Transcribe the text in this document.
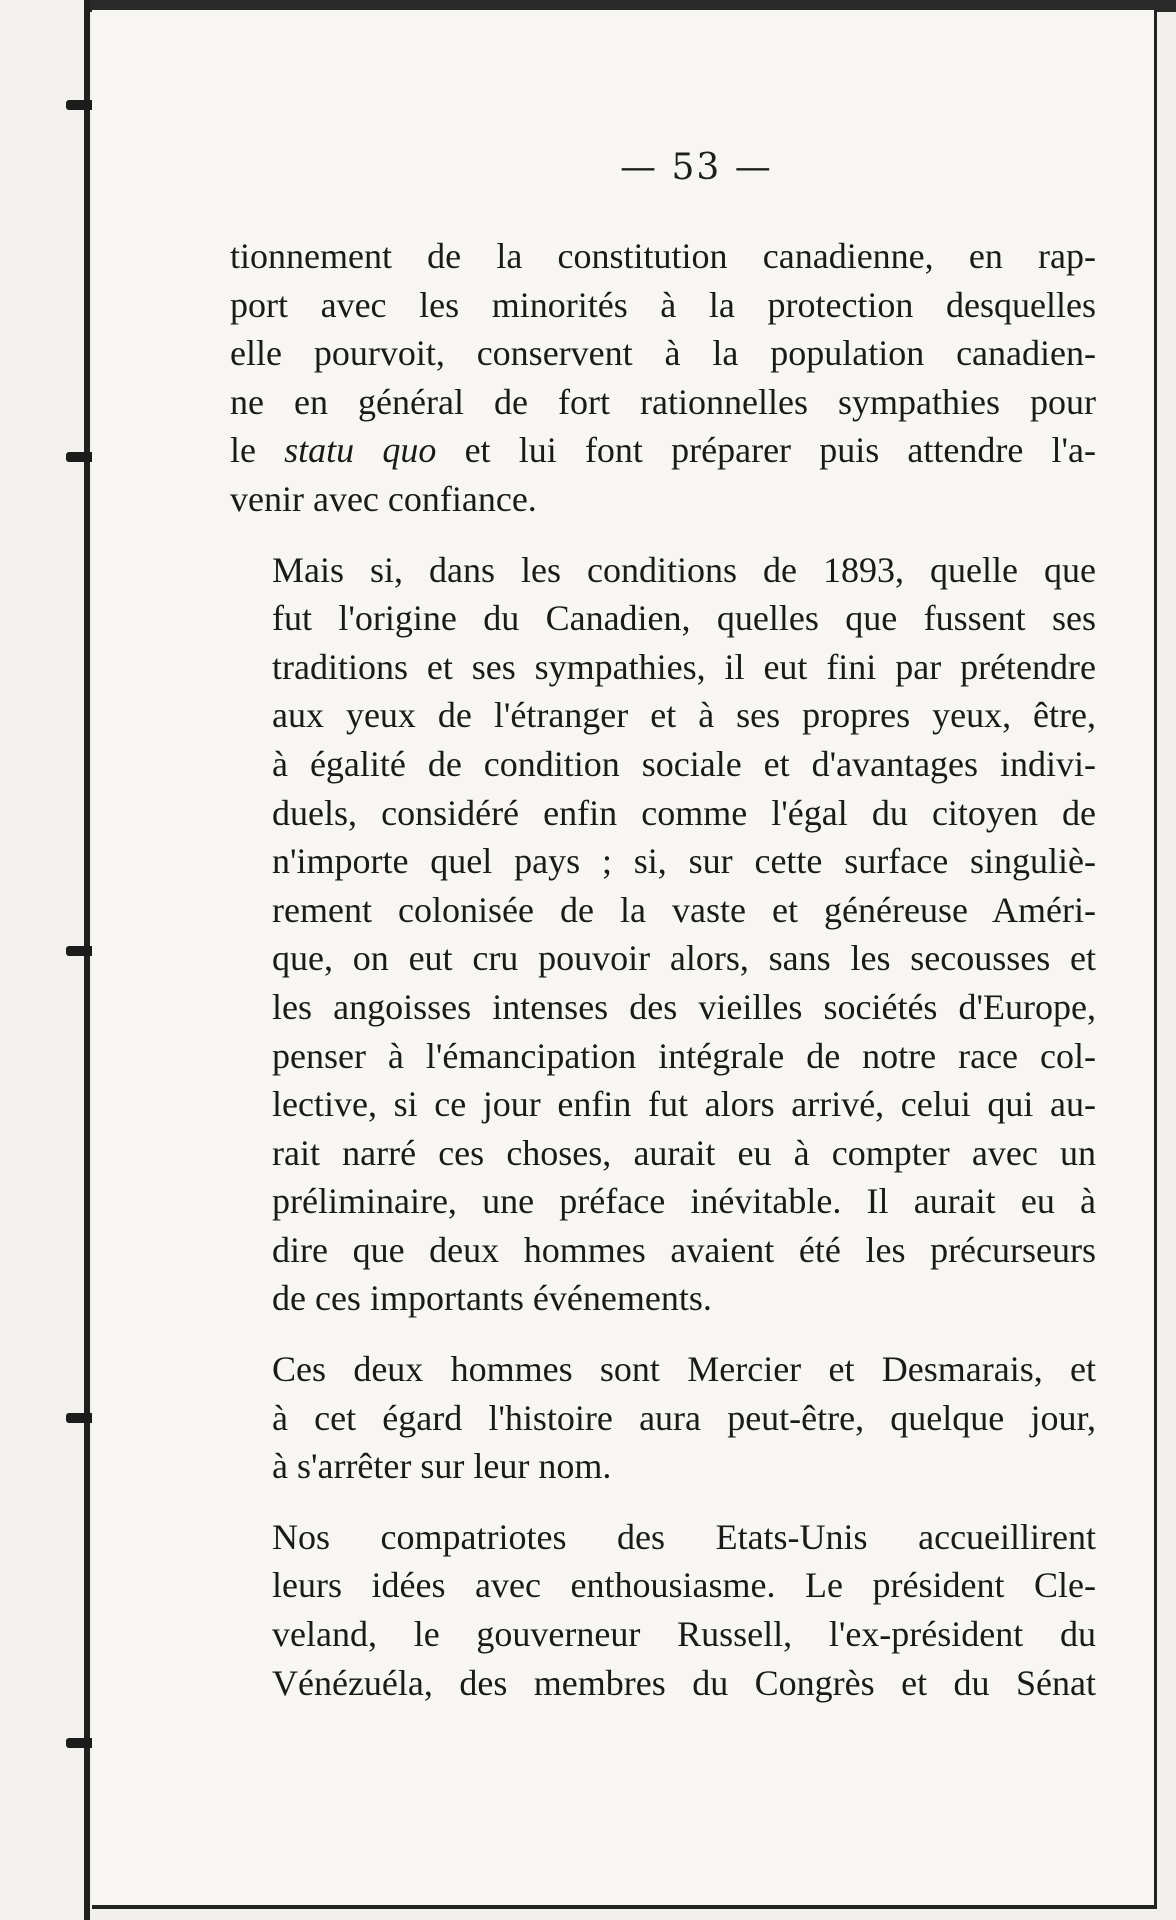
— 53 —

tionnement de la constitution canadienne, en rap-
port avec les minorités à la protection desquelles
elle pourvoit, conservent à la population canadien-
ne en général de fort rationnelles sympathies pour
le statu quo et lui font préparer puis attendre l'a-
venir avec confiance.

Mais si, dans les conditions de 1893, quelle que
fut l'origine du Canadien, quelles que fussent ses
traditions et ses sympathies, il eut fini par prétendre
aux yeux de l'étranger et à ses propres yeux, être,
à égalité de condition sociale et d'avantages indivi-
duels, considéré enfin comme l'égal du citoyen de
n'importe quel pays ; si, sur cette surface singuliè-
rement colonisée de la vaste et généreuse Améri-
que, on eut cru pouvoir alors, sans les secousses et
les angoisses intenses des vieilles sociétés d'Europe,
penser à l'émancipation intégrale de notre race col-
lective, si ce jour enfin fut alors arrivé, celui qui au-
rait narré ces choses, aurait eu à compter avec un
préliminaire, une préface inévitable. Il aurait eu à
dire que deux hommes avaient été les précurseurs
de ces importants événements.

Ces deux hommes sont Mercier et Desmarais, et
à cet égard l'histoire aura peut-être, quelque jour,
à s'arrêter sur leur nom.

Nos compatriotes des Etats-Unis accueillirent
leurs idées avec enthousiasme. Le président Cle-
veland, le gouverneur Russell, l'ex-président du
Vénézuéla, des membres du Congrès et du Sénat
